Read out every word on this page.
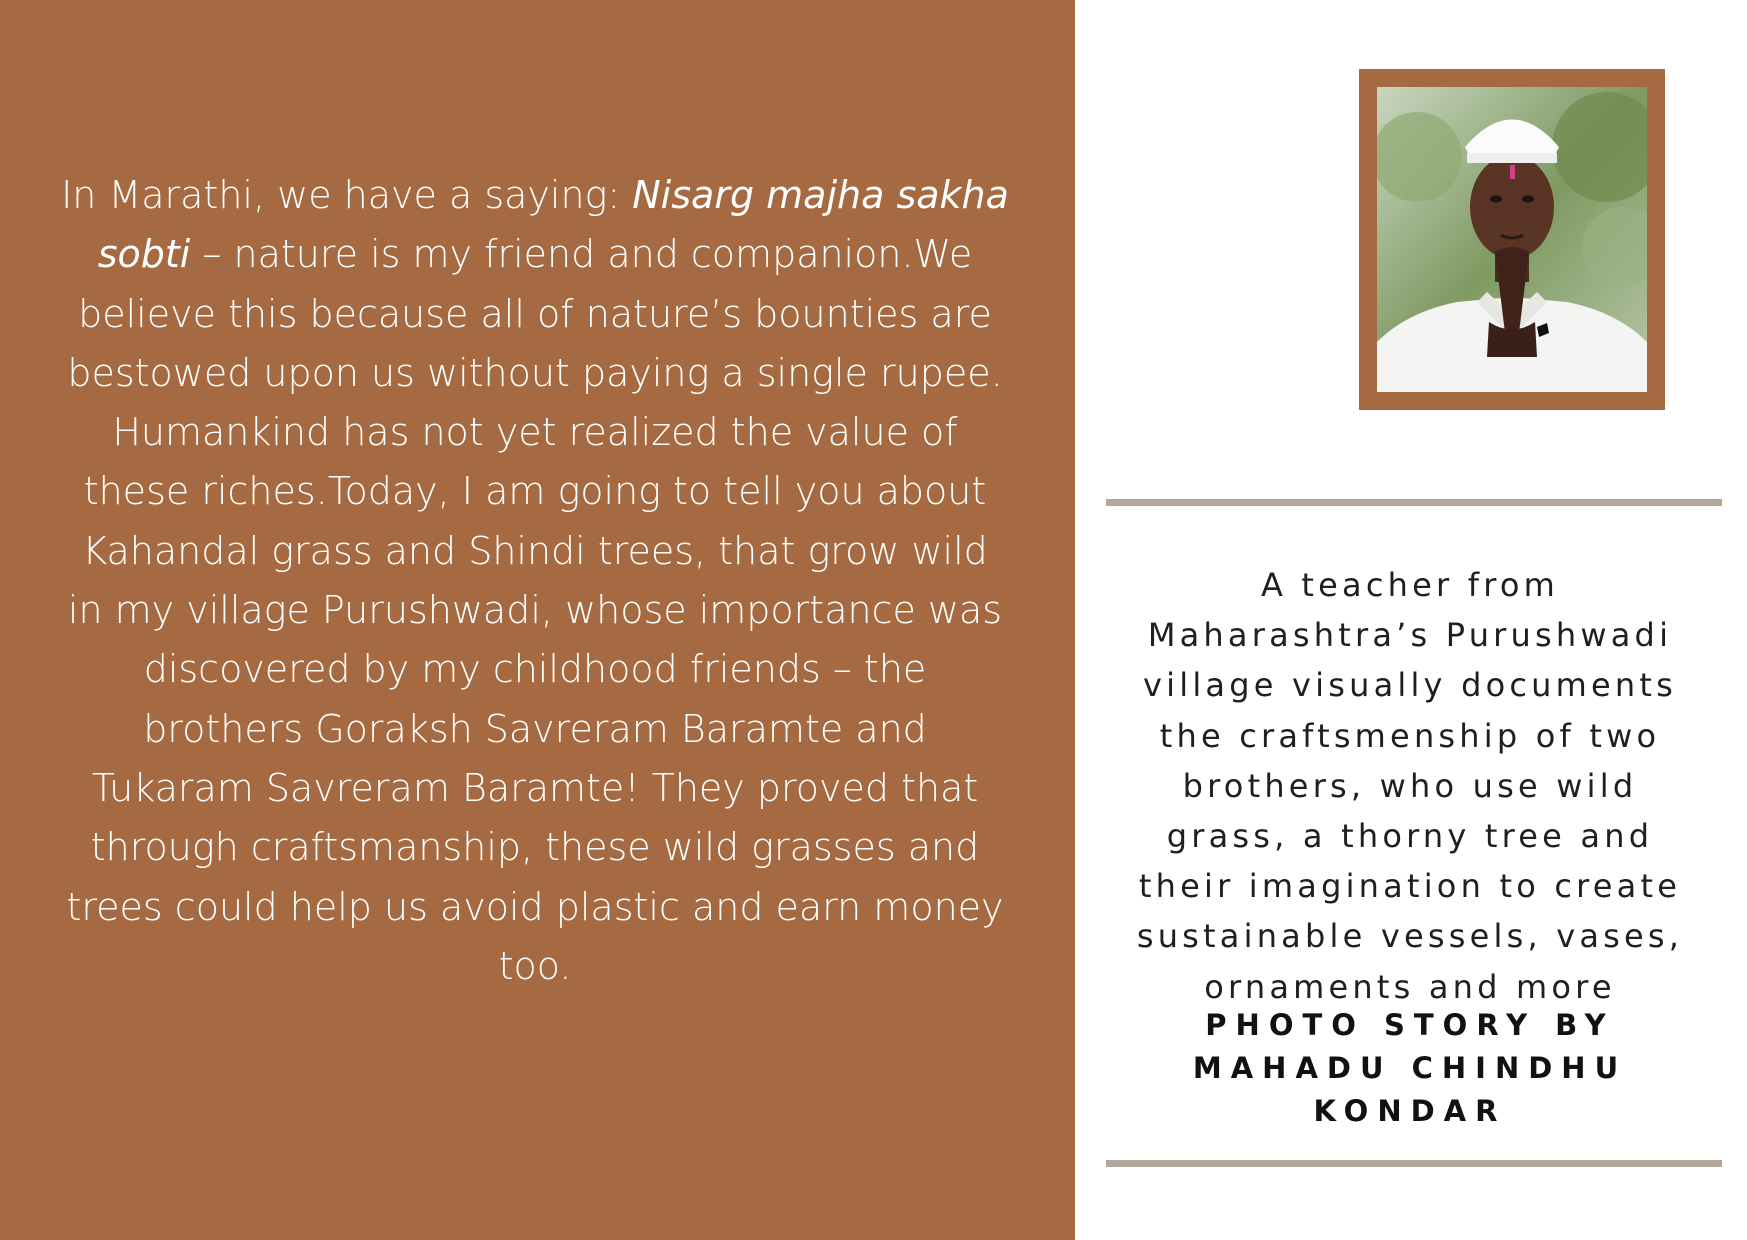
In Marathi, we have a saying: Nisarg majha sakha sobti – nature is my friend and companion.We believe this because all of nature’s bounties are bestowed upon us without paying a single rupee. Humankind has not yet realized the value of these riches.Today, I am going to tell you about Kahandal grass and Shindi trees, that grow wild in my village Purushwadi, whose importance was discovered by my childhood friends – the brothers Goraksh Savreram Baramte and Tukaram Savreram Baramte! They proved that through craftsmanship, these wild grasses and trees could help us avoid plastic and earn money too.

A teacher from Maharashtra’s Purushwadi village visually documents the craftsmenship of two brothers, who use wild grass, a thorny tree and their imagination to create sustainable vessels, vases, ornaments and more

PHOTO STORY BY
MAHADU CHINDHU
KONDAR
